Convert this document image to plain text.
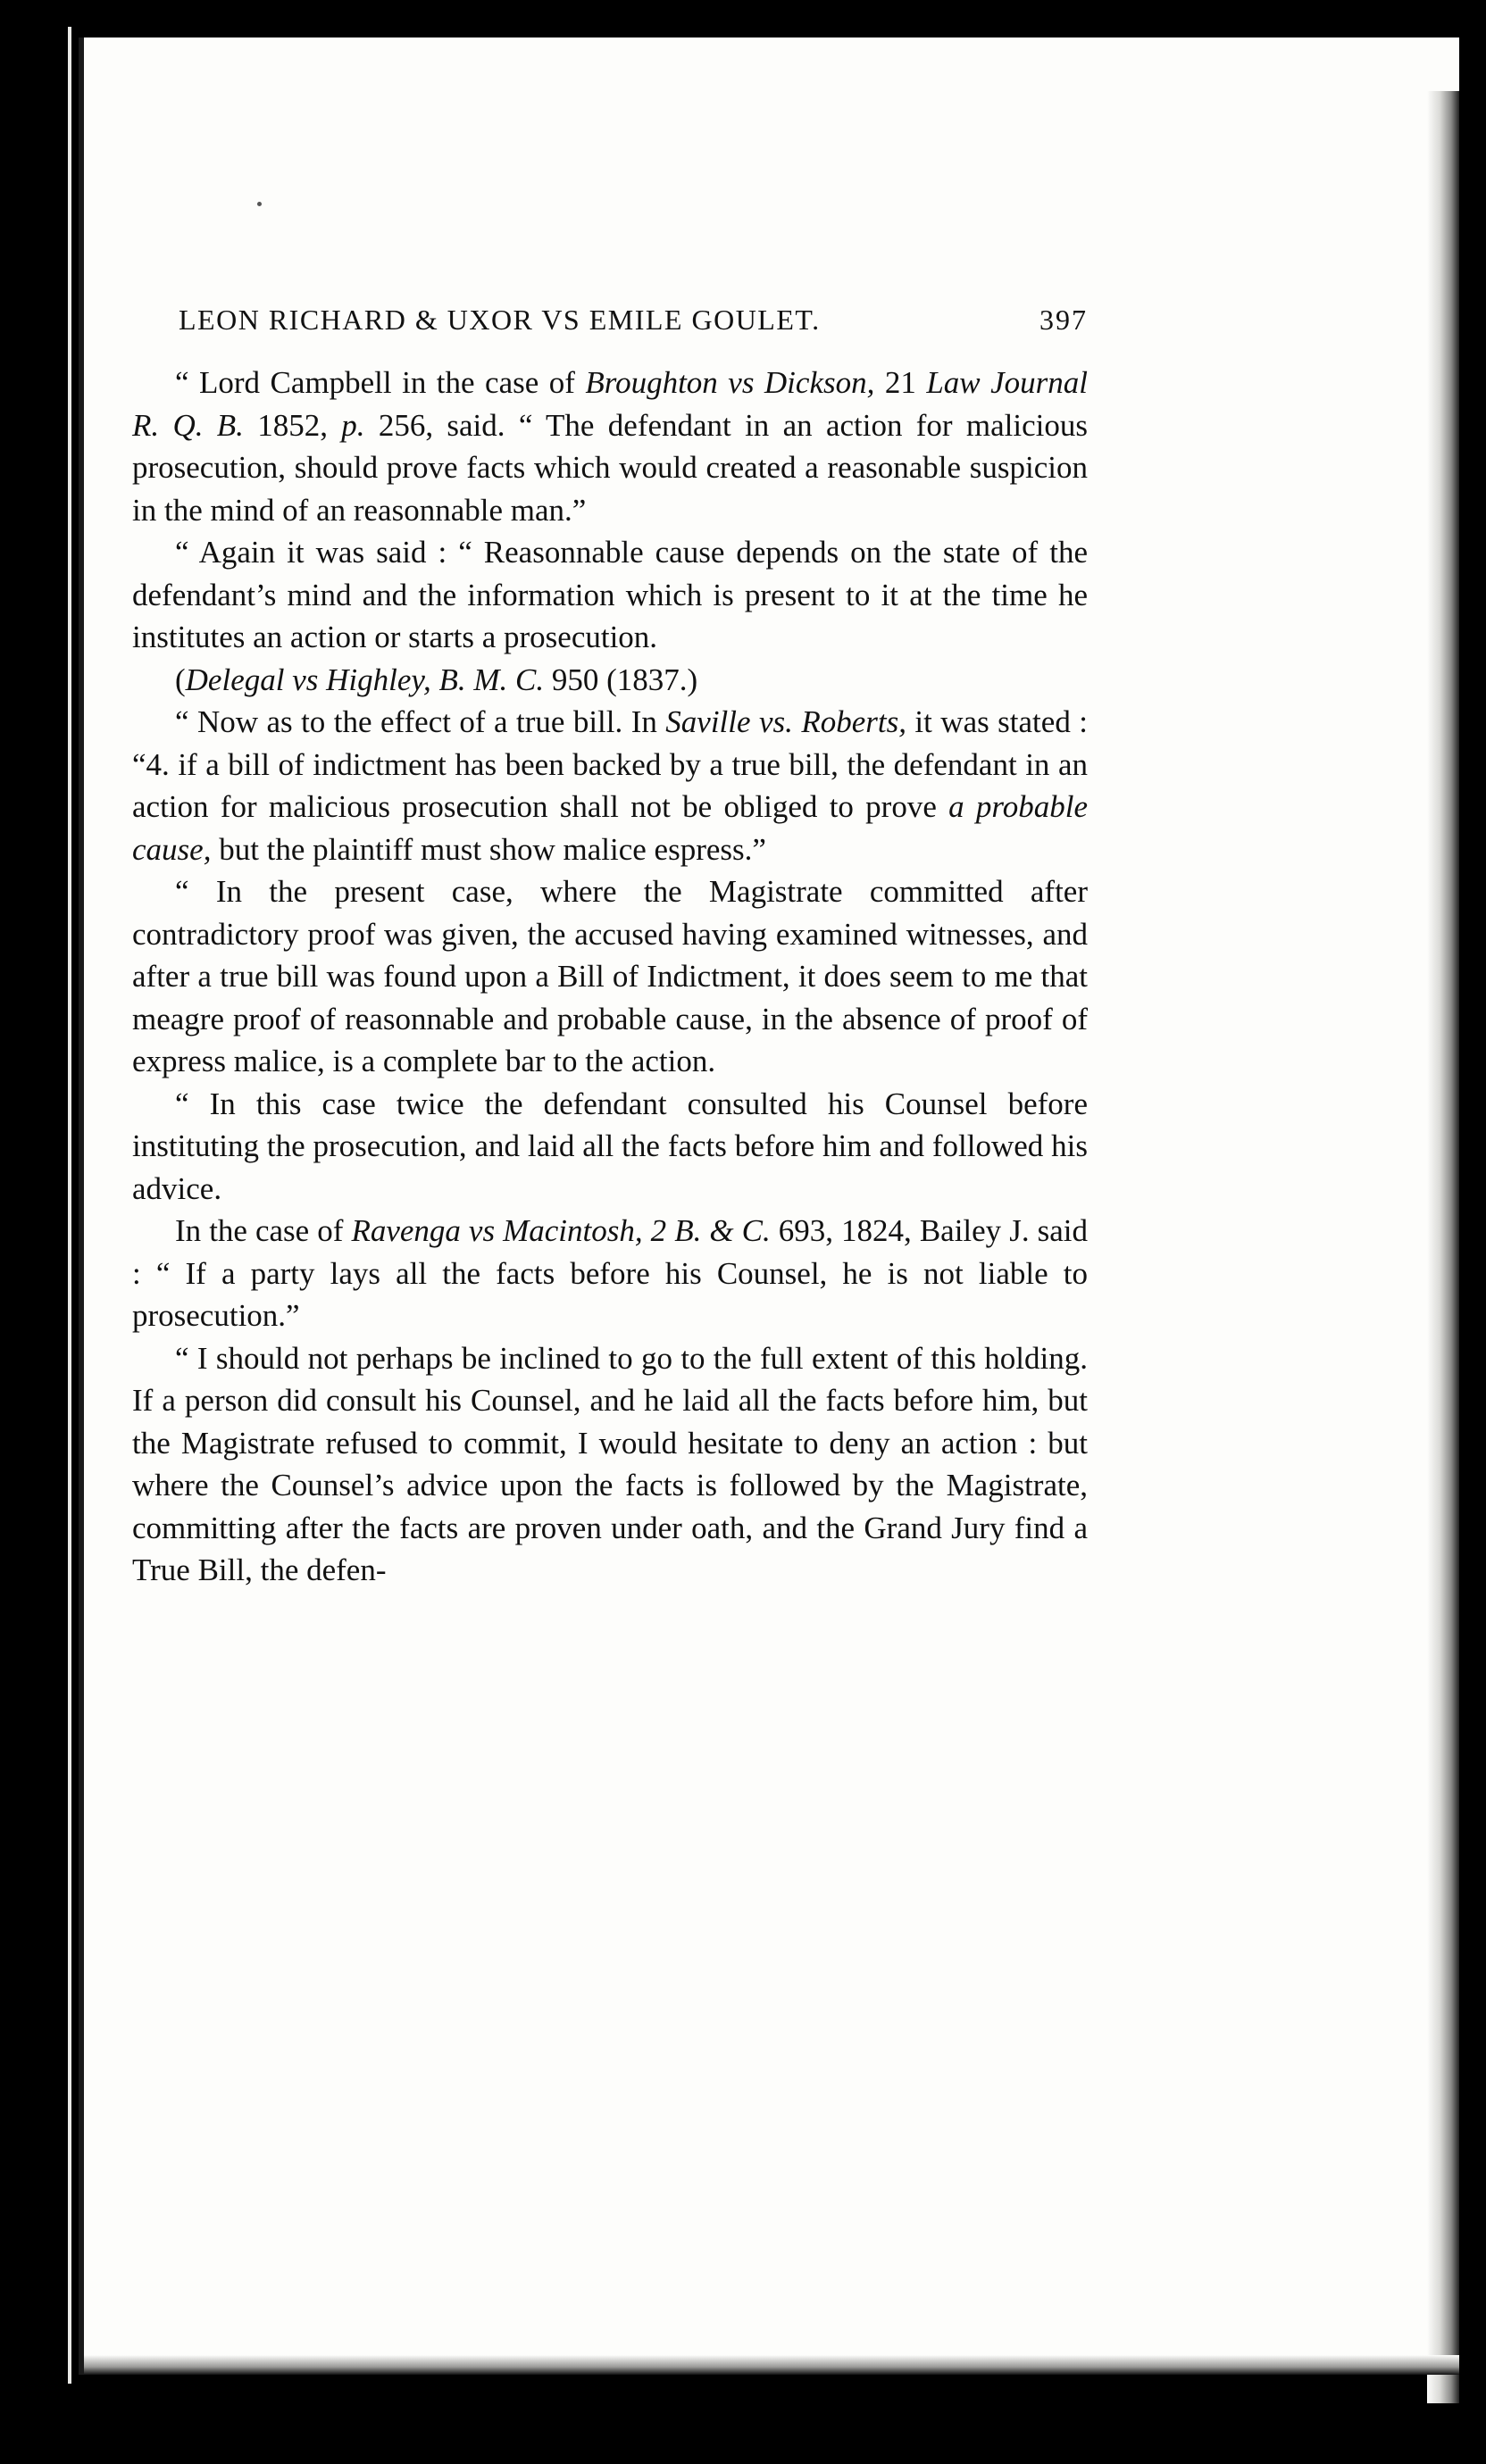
LEON RICHARD & UXOR VS EMILE GOULET.	397

“ Lord Campbell in the case of Broughton vs Dickson, 21 Law Journal R. Q. B. 1852, p. 256, said. “ The defendant in an action for malicious prosecution, should prove facts which would created a reasonable suspicion in the mind of an reasonnable man.”

“ Again it was said : “ Reasonnable cause depends on the state of the defendant’s mind and the information which is present to it at the time he institutes an action or starts a prosecution.

(Delegal vs Highley, B. M. C. 950 (1837.)

“ Now as to the effect of a true bill. In Saville vs. Roberts, it was stated : “4. if a bill of indictment has been backed by a true bill, the defendant in an action for malicious prosecution shall not be obliged to prove a probable cause, but the plaintiff must show malice espress.”

“ In the present case, where the Magistrate committed after contradictory proof was given, the accused having examined witnesses, and after a true bill was found upon a Bill of Indictment, it does seem to me that meagre proof of reasonnable and probable cause, in the absence of proof of express malice, is a complete bar to the action.

“ In this case twice the defendant consulted his Counsel before instituting the prosecution, and laid all the facts before him and followed his advice.

In the case of Ravenga vs Macintosh, 2 B. & C. 693, 1824, Bailey J. said : “ If a party lays all the facts before his Counsel, he is not liable to prosecution.”

“ I should not perhaps be inclined to go to the full extent of this holding. If a person did consult his Counsel, and he laid all the facts before him, but the Magistrate refused to commit, I would hesitate to deny an action : but where the Counsel’s advice upon the facts is followed by the Magistrate, committing after the facts are proven under oath, and the Grand Jury find a True Bill, the defen-
